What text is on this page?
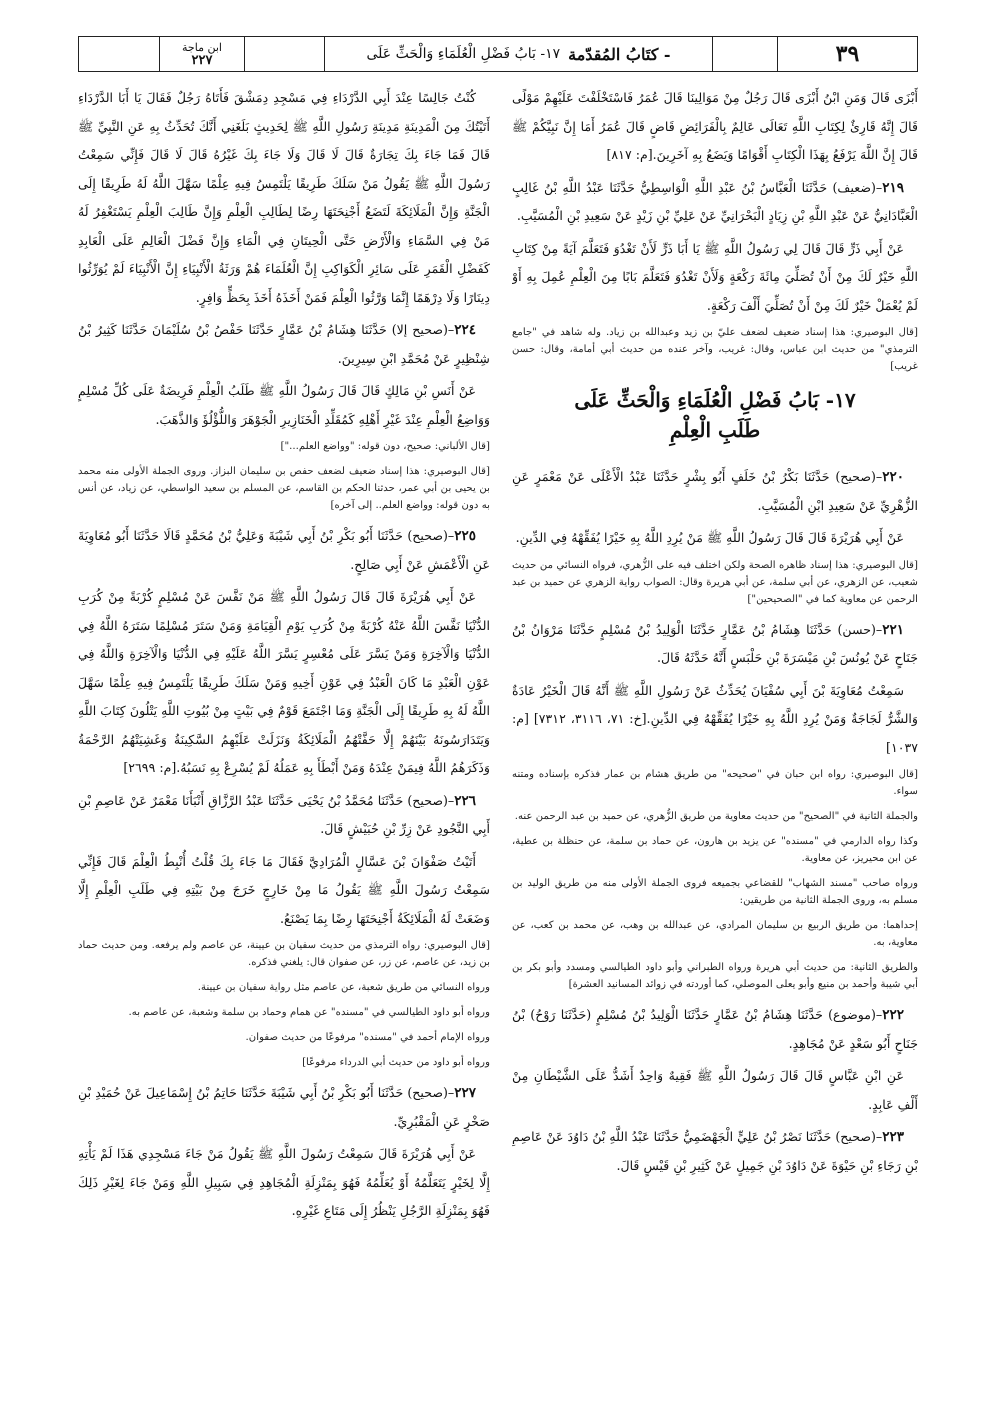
ابن ماجة
٢٢٧	- كتَابُ المُقدّمة
١٧- بَابُ فَضْلِ الْعُلَمَاءِ وَالْحَثِّ عَلَى	٣٩

أَبْزَى قَالَ وَمَنِ ابْنُ أَبْزَى قَالَ رَجُلٌ مِنْ مَوَالِينَا قَالَ عُمَرُ فَاسْتَخْلَفْتَ عَلَيْهِمْ مَوْلًى قَالَ إِنَّهُ قَارِئٌ لِكِتَابِ اللَّهِ تَعَالَى عَالِمٌ بِالْفَرَائِضِ قَاضٍ قَالَ عُمَرُ أَمَا إِنَّ نَبِيَّكُمْ ﷺ قَالَ إِنَّ اللَّهَ يَرْفَعُ بِهَذَا الْكِتَابِ أَقْوَامًا وَيَضَعُ بِهِ آخَرِينَ.[م: ٨١٧]

٢١٩–(ضعيف) حَدَّثَنَا الْعَبَّاسُ بْنُ عَبْدِ اللَّهِ الْوَاسِطِيُّ حَدَّثَنَا عَبْدُ اللَّهِ بْنُ غَالِبٍ الْعَبَّادَانِيُّ عَنْ عَبْدِ اللَّهِ بْنِ زِيَادٍ الْبَحْرَانِيِّ عَنْ عَلِيِّ بْنِ زَيْدٍ عَنْ سَعِيدِ بْنِ الْمُسَيَّبِ.

عَنْ أَبِي ذَرٍّ قَالَ قَالَ لِي رَسُولُ اللَّهِ ﷺ يَا أَبَا ذَرٍّ لَأَنْ تَغْدُوَ فَتَعَلَّمَ آيَةً مِنْ كِتَابِ اللَّهِ خَيْرٌ لَكَ مِنْ أَنْ تُصَلِّيَ مِائَةَ رَكْعَةٍ وَلَأَنْ تَغْدُوَ فَتَعَلَّمَ بَابًا مِنَ الْعِلْمِ عُمِلَ بِهِ أَوْ لَمْ يُعْمَلْ خَيْرٌ لَكَ مِنْ أَنْ تُصَلِّيَ أَلْفَ رَكْعَةٍ.

[قال البوصيري: هذا إسناد ضعيف لضعف عليّ بن زيد وعبدالله بن زياد. وله شاهد في "جامع الترمذي" من حديث ابن عباس، وقال: غريب، وآخر عنده من حديث أبي أمامة، وقال: حسن غريب]

١٧- بَابُ فَضْلِ الْعُلَمَاءِ وَالْحَثِّ عَلَى
طَلَبِ الْعِلْمِ

٢٢٠–(صحيح) حَدَّثَنَا بَكْرُ بْنُ خَلَفٍ أَبُو بِشْرٍ حَدَّثَنَا عَبْدُ الْأَعْلَى عَنْ مَعْمَرٍ عَنِ الزُّهْرِيِّ عَنْ سَعِيدِ ابْنِ الْمُسَيَّبِ.

عَنْ أَبِي هُرَيْرَةَ قَالَ قَالَ رَسُولُ اللَّهِ ﷺ مَنْ يُرِدِ اللَّهُ بِهِ خَيْرًا يُفَقِّهْهُ فِي الدِّينِ.

[قال البوصيري: هذا إسناد ظاهره الصحة ولكن اختلف فيه على الزُّهري، فرواه النسائي من حديث شعيب، عن الزهري، عن أبي سلمة، عن أبي هريرة وقال: الصواب رواية الزهري عن حميد بن عبد الرحمن عن معاوية كما في "الصحيحين"]

٢٢١–(حسن) حَدَّثَنَا هِشَامُ بْنُ عَمَّارٍ حَدَّثَنَا الْوَلِيدُ بْنُ مُسْلِمٍ حَدَّثَنَا مَرْوَانُ بْنُ جَنَاحٍ عَنْ يُونُسَ بْنِ مَيْسَرَةَ بْنِ حَلْبَسٍ أَنَّهُ حَدَّثَهُ قَالَ.

سَمِعْتُ مُعَاوِيَةَ بْنَ أَبِي سُفْيَانَ يُحَدِّثُ عَنْ رَسُولِ اللَّهِ ﷺ أَنَّهُ قَالَ الْخَيْرُ عَادَةٌ وَالشَّرُّ لَجَاجَةٌ وَمَنْ يُرِدِ اللَّهُ بِهِ خَيْرًا يُفَقِّهْهُ فِي الدِّينِ.[خ: ٧١، ٣١١٦، ٧٣١٢] [م: ١٠٣٧]

[قال البوصيري: رواه ابن حبان في "صحيحه" من طريق هشام بن عمار فذكره بإسناده ومتنه سواء.

والجملة الثانية في "الصحيح" من حديث معاوية من طريق الزُّهري، عن حميد بن عبد الرحمن عنه.

وكذا رواه الدارمي في "مسنده" عن يزيد بن هارون، عن حماد بن سلمة، عن حنظلة بن عطية، عن ابن محيريز، عن معاوية.

ورواه صاحب "مسند الشهاب" للقضاعي بجميعه فروى الجملة الأولى منه من طريق الوليد بن مسلم به، وروى الجملة الثانية من طريقين:

إحداهما: من طريق الربيع بن سليمان المرادي، عن عبدالله بن وهب، عن محمد بن كعب، عن معاوية، به.

والطريق الثانية: من حديث أبي هريرة ورواه الطبراني وأبو داود الطيالسي ومسدد وأبو بكر بن أبي شيبة وأحمد بن منيع وأبو يعلى الموصلي، كما أوردته في زوائد المسانيد العشرة]

٢٢٢–(موضوع) حَدَّثَنَا هِشَامُ بْنُ عَمَّارٍ حَدَّثَنَا الْوَلِيدُ بْنُ مُسْلِمٍ (حَدَّثَنَا رَوْحُ) بْنُ جَنَاحٍ أَبُو سَعْدٍ عَنْ مُجَاهِدٍ.

عَنِ ابْنِ عَبَّاسٍ قَالَ قَالَ رَسُولُ اللَّهِ ﷺ فَقِيهٌ وَاحِدٌ أَشَدُّ عَلَى الشَّيْطَانِ مِنْ أَلْفِ عَابِدٍ.

٢٢٣–(صحيح) حَدَّثَنَا نَصْرُ بْنُ عَلِيٍّ الْجَهْضَمِيُّ حَدَّثَنَا عَبْدُ اللَّهِ بْنُ دَاوُدَ عَنْ عَاصِمِ بْنِ رَجَاءِ بْنِ حَيْوَةَ عَنْ دَاوُدَ بْنِ جَمِيلٍ عَنْ كَثِيرِ بْنِ قَيْسٍ قَالَ.

كُنْتُ جَالِسًا عِنْدَ أَبِي الدَّرْدَاءِ فِي مَسْجِدِ دِمَشْقَ فَأَتَاهُ رَجُلٌ فَقَالَ يَا أَبَا الدَّرْدَاءِ أَتَيْتُكَ مِنَ الْمَدِينَةِ مَدِينَةِ رَسُولِ اللَّهِ ﷺ لِحَدِيثٍ بَلَغَنِي أَنَّكَ تُحَدِّثُ بِهِ عَنِ النَّبِيِّ ﷺ قَالَ فَمَا جَاءَ بِكَ تِجَارَةٌ قَالَ لَا قَالَ وَلَا جَاءَ بِكَ غَيْرُهُ قَالَ لَا قَالَ فَإِنِّي سَمِعْتُ رَسُولَ اللَّهِ ﷺ يَقُولُ مَنْ سَلَكَ طَرِيقًا يَلْتَمِسُ فِيهِ عِلْمًا سَهَّلَ اللَّهُ لَهُ طَرِيقًا إِلَى الْجَنَّةِ وَإِنَّ الْمَلَائِكَةَ لَتَضَعُ أَجْنِحَتَهَا رِضًا لِطَالِبِ الْعِلْمِ وَإِنَّ طَالِبَ الْعِلْمِ يَسْتَغْفِرُ لَهُ مَنْ فِي السَّمَاءِ وَالْأَرْضِ حَتَّى الْحِيتَانِ فِي الْمَاءِ وَإِنَّ فَضْلَ الْعَالِمِ عَلَى الْعَابِدِ كَفَضْلِ الْقَمَرِ عَلَى سَائِرِ الْكَوَاكِبِ إِنَّ الْعُلَمَاءَ هُمْ وَرَثَةُ الْأَنْبِيَاءِ إِنَّ الْأَنْبِيَاءَ لَمْ يُوَرِّثُوا دِينَارًا وَلَا دِرْهَمًا إِنَّمَا وَرَّثُوا الْعِلْمَ فَمَنْ أَخَذَهُ أَخَذَ بِحَظٍّ وَافِرٍ.

٢٢٤–(صحيح إلا) حَدَّثَنَا هِشَامُ بْنُ عَمَّارٍ حَدَّثَنَا حَفْصُ بْنُ سُلَيْمَانَ حَدَّثَنَا كَثِيرُ بْنُ شِنْظِيرٍ عَنْ مُحَمَّدِ ابْنِ سِيرِينَ.

عَنْ أَنَسِ بْنِ مَالِكٍ قَالَ قَالَ رَسُولُ اللَّهِ ﷺ طَلَبُ الْعِلْمِ فَرِيضَةٌ عَلَى كُلِّ مُسْلِمٍ وَوَاضِعُ الْعِلْمِ عِنْدَ غَيْرِ أَهْلِهِ كَمُقَلِّدِ الْخَنَازِيرِ الْجَوْهَرَ وَاللُّؤْلُؤَ وَالذَّهَبَ.

[قال الألباني: صحيح، دون قوله: "وواضع العلم..."]

[قال البوصيري: هذا إسناد ضعيف لضعف حفص بن سليمان البزاز. وروى الجملة الأولى منه محمد بن يحيى بن أبي عمر، حدثنا الحكم بن القاسم، عن المسلم بن سعيد الواسطي، عن زياد، عن أنس به دون قوله: وواضع العلم.. إلى آخره]

٢٢٥–(صحيح) حَدَّثَنَا أَبُو بَكْرِ بْنُ أَبِي شَيْبَةَ وَعَلِيُّ بْنُ مُحَمَّدٍ قَالَا حَدَّثَنَا أَبُو مُعَاوِيَةَ عَنِ الْأَعْمَشِ عَنْ أَبِي صَالِحٍ.

عَنْ أَبِي هُرَيْرَةَ قَالَ قَالَ رَسُولُ اللَّهِ ﷺ مَنْ نَفَّسَ عَنْ مُسْلِمٍ كُرْبَةً مِنْ كُرَبِ الدُّنْيَا نَفَّسَ اللَّهُ عَنْهُ كُرْبَةً مِنْ كُرَبِ يَوْمِ الْقِيَامَةِ وَمَنْ سَتَرَ مُسْلِمًا سَتَرَهُ اللَّهُ فِي الدُّنْيَا وَالْآخِرَةِ وَمَنْ يَسَّرَ عَلَى مُعْسِرٍ يَسَّرَ اللَّهُ عَلَيْهِ فِي الدُّنْيَا وَالْآخِرَةِ وَاللَّهُ فِي عَوْنِ الْعَبْدِ مَا كَانَ الْعَبْدُ فِي عَوْنِ أَخِيهِ وَمَنْ سَلَكَ طَرِيقًا يَلْتَمِسُ فِيهِ عِلْمًا سَهَّلَ اللَّهُ لَهُ بِهِ طَرِيقًا إِلَى الْجَنَّةِ وَمَا اجْتَمَعَ قَوْمٌ فِي بَيْتٍ مِنْ بُيُوتِ اللَّهِ يَتْلُونَ كِتَابَ اللَّهِ وَيَتَدَارَسُونَهُ بَيْنَهُمْ إِلَّا حَفَّتْهُمُ الْمَلَائِكَةُ وَنَزَلَتْ عَلَيْهِمُ السَّكِينَةُ وَغَشِيَتْهُمُ الرَّحْمَةُ وَذَكَرَهُمُ اللَّهُ فِيمَنْ عِنْدَهُ وَمَنْ أَبْطَأَ بِهِ عَمَلُهُ لَمْ يُسْرِعْ بِهِ نَسَبُهُ.[م: ٢٦٩٩]

٢٢٦–(صحيح) حَدَّثَنَا مُحَمَّدُ بْنُ يَحْيَى حَدَّثَنَا عَبْدُ الرَّزَّاقِ أَنْبَأَنَا مَعْمَرٌ عَنْ عَاصِمِ بْنِ أَبِي النَّجُودِ عَنْ زِرِّ بْنِ حُبَيْشٍ قَالَ.

أَتَيْتُ صَفْوَانَ بْنَ عَسَّالٍ الْمُرَادِيَّ فَقَالَ مَا جَاءَ بِكَ قُلْتُ أُنْبِطُ الْعِلْمَ قَالَ فَإِنِّي سَمِعْتُ رَسُولَ اللَّهِ ﷺ يَقُولُ مَا مِنْ خَارِجٍ خَرَجَ مِنْ بَيْتِهِ فِي طَلَبِ الْعِلْمِ إِلَّا وَضَعَتْ لَهُ الْمَلَائِكَةُ أَجْنِحَتَهَا رِضًا بِمَا يَصْنَعُ.

[قال البوصيري: رواه الترمذي من حديث سفيان بن عيينة، عن عاصم ولم يرفعه. ومن حديث حماد بن زيد، عن عاصم، عن زر، عن صفوان قال: يلغني فذكره.

ورواه النسائي من طريق شعبة، عن عاصم مثل رواية سفيان بن عيينة.

ورواه أبو داود الطيالسي في "مسنده" عن همام وحماد بن سلمة وشعبة، عن عاصم به.

ورواه الإمام أحمد في "مسنده" مرفوعًا من حديث صفوان.

ورواه أبو داود من حديث أبي الدرداء مرفوعًا]

٢٢٧–(صحيح) حَدَّثَنَا أَبُو بَكْرِ بْنُ أَبِي شَيْبَةَ حَدَّثَنَا حَاتِمُ بْنُ إِسْمَاعِيلَ عَنْ حُمَيْدِ بْنِ صَخْرٍ عَنِ الْمَقْبُرِيِّ.

عَنْ أَبِي هُرَيْرَةَ قَالَ سَمِعْتُ رَسُولَ اللَّهِ ﷺ يَقُولُ مَنْ جَاءَ مَسْجِدِي هَذَا لَمْ يَأْتِهِ إِلَّا لِخَيْرٍ يَتَعَلَّمُهُ أَوْ يُعَلِّمُهُ فَهُوَ بِمَنْزِلَةِ الْمُجَاهِدِ فِي سَبِيلِ اللَّهِ وَمَنْ جَاءَ لِغَيْرِ ذَلِكَ فَهُوَ بِمَنْزِلَةِ الرَّجُلِ يَنْظُرُ إِلَى مَتَاعِ غَيْرِهِ.
